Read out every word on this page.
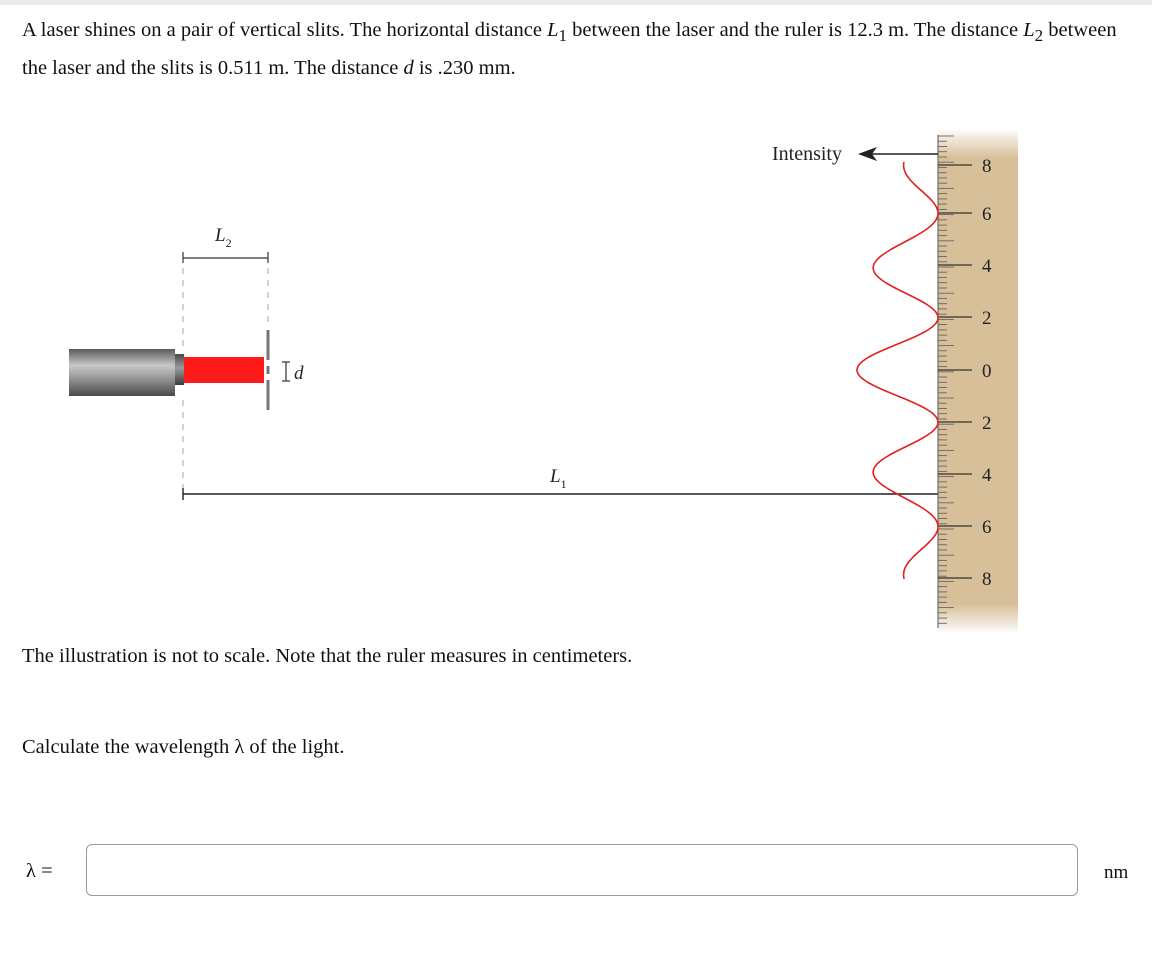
A laser shines on a pair of vertical slits. The horizontal distance $L_1$ between the laser and the ruler is 12.3 m. The distance $L_2$ between the laser and the slits is 0.511 m. The distance d is .230 mm.
d
$L_2$
$L_1$
8
6
4
2
0
2
4
6
8
Intensity
The illustration is not to scale. Note that the ruler measures in centimeters.
Calculate the wavelength λ of the light.
λ =	nm
